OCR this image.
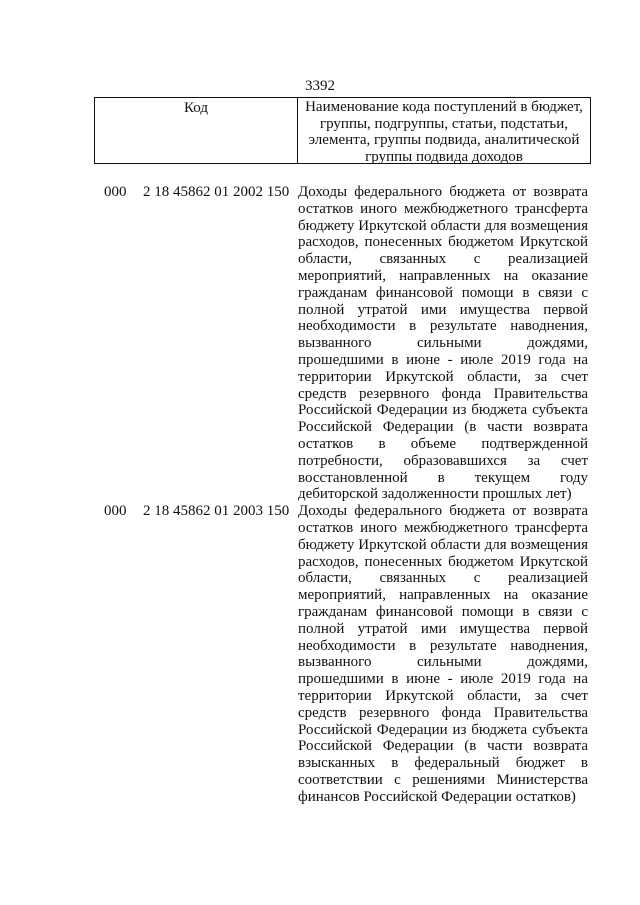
3392
Код	Наименование кода поступлений в бюджет, группы, подгруппы, статьи, подстатьи, элемента, группы подвида, аналитической группы подвида доходов
000 2 18 45862 01 2002 150 Доходы федерального бюджета от возврата остатков иного межбюджетного трансферта бюджету Иркутской области для возмещения расходов, понесенных бюджетом Иркутской области, связанных с реализацией мероприятий, направленных на оказание гражданам финансовой помощи в связи с полной утратой ими имущества первой необходимости в результате наводнения, вызванного сильными дождями, прошедшими в июне - июле 2019 года на территории Иркутской области, за счет средств резервного фонда Правительства Российской Федерации из бюджета субъекта Российской Федерации (в части возврата остатков в объеме подтвержденной потребности, образовавшихся за счет восстановленной в текущем году дебиторской задолженности прошлых лет)
000 2 18 45862 01 2003 150 Доходы федерального бюджета от возврата остатков иного межбюджетного трансферта бюджету Иркутской области для возмещения расходов, понесенных бюджетом Иркутской области, связанных с реализацией мероприятий, направленных на оказание гражданам финансовой помощи в связи с полной утратой ими имущества первой необходимости в результате наводнения, вызванного сильными дождями, прошедшими в июне - июле 2019 года на территории Иркутской области, за счет средств резервного фонда Правительства Российской Федерации из бюджета субъекта Российской Федерации (в части возврата взысканных в федеральный бюджет в соответствии с решениями Министерства финансов Российской Федерации остатков)
